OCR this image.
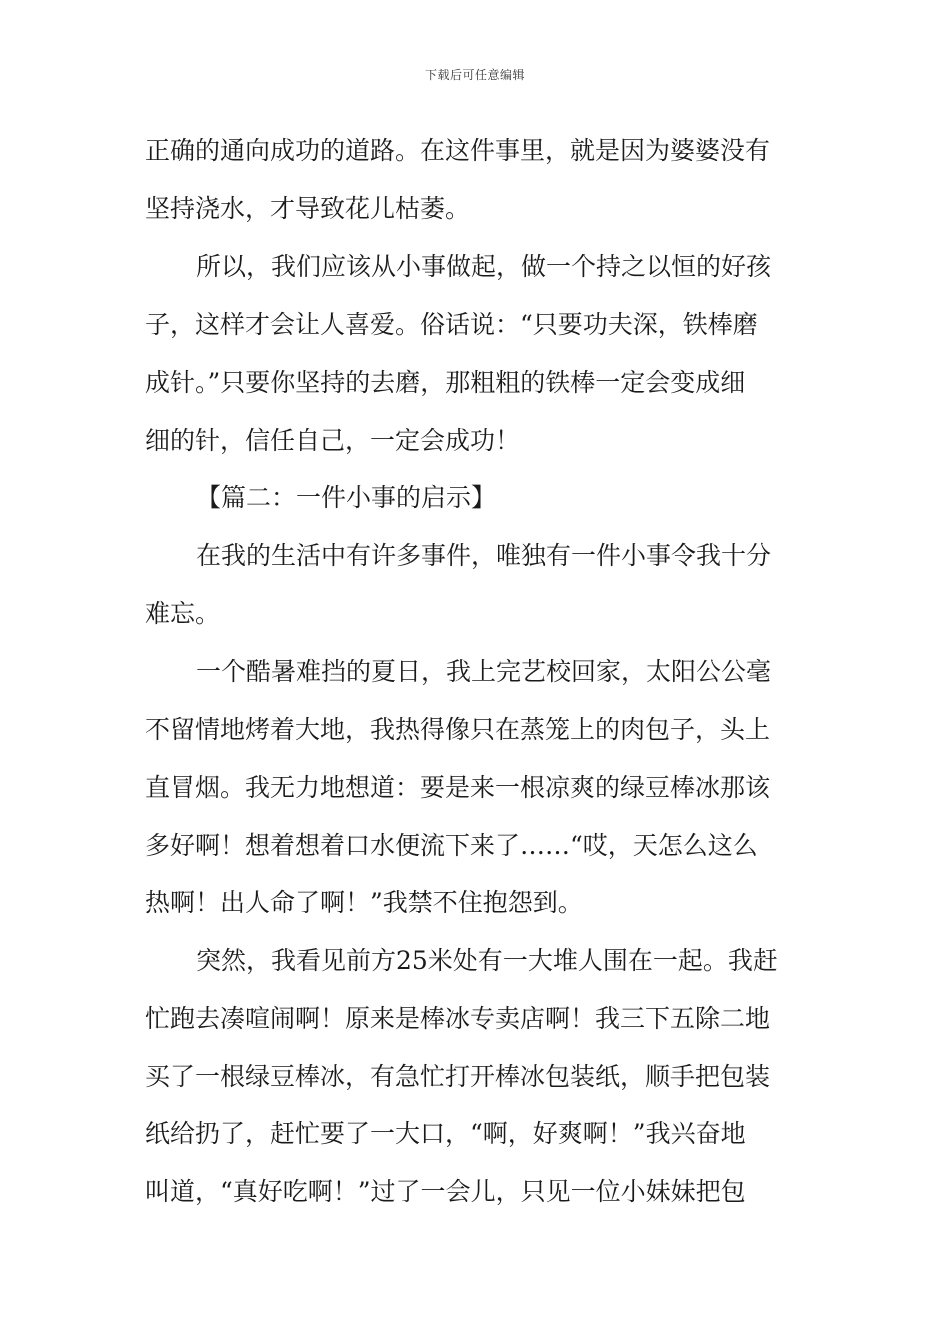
下载后可任意编辑
正确的通向成功的道路。在这件事里，就是因为婆婆没有
坚持浇水，才导致花儿枯萎。
所以，我们应该从小事做起，做一个持之以恒的好孩
子，这样才会让人喜爱。俗话说：“只要功夫深，铁棒磨
成针。”只要你坚持的去磨，那粗粗的铁棒一定会变成细
细的针，信任自己，一定会成功！
【篇二：一件小事的启示】
在我的生活中有许多事件，唯独有一件小事令我十分
难忘。
一个酷暑难挡的夏日，我上完艺校回家，太阳公公毫
不留情地烤着大地，我热得像只在蒸笼上的肉包子，头上
直冒烟。我无力地想道：要是来一根凉爽的绿豆棒冰那该
多好啊！想着想着口水便流下来了……“哎，天怎么这么
热啊！出人命了啊！”我禁不住抱怨到。
突然，我看见前方25米处有一大堆人围在一起。我赶
忙跑去凑喧闹啊！原来是棒冰专卖店啊！我三下五除二地
买了一根绿豆棒冰，有急忙打开棒冰包装纸，顺手把包装
纸给扔了，赶忙要了一大口，“啊，好爽啊！”我兴奋地
叫道，“真好吃啊！”过了一会儿，只见一位小妹妹把包
